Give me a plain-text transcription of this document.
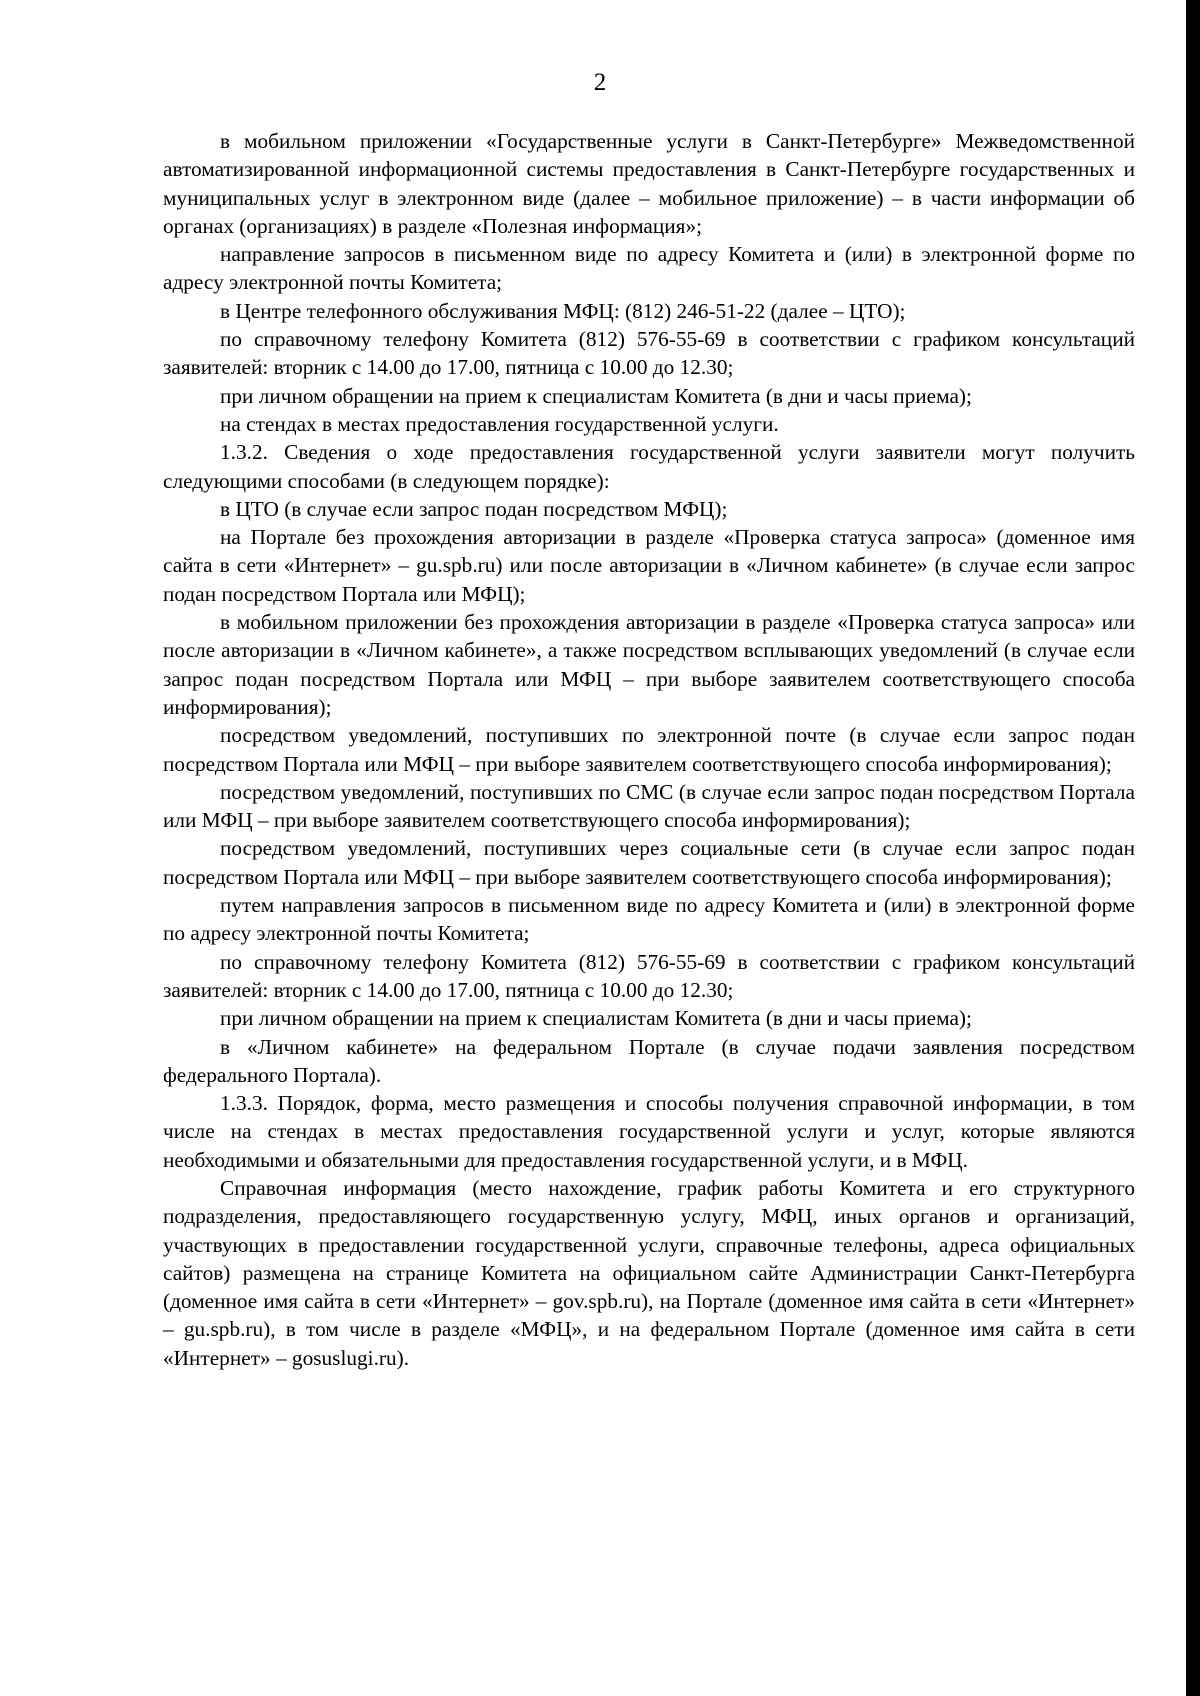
2

в мобильном приложении «Государственные услуги в Санкт-Петербурге» Межведомственной автоматизированной информационной системы предоставления в Санкт-Петербурге государственных и муниципальных услуг в электронном виде (далее – мобильное приложение) – в части информации об органах (организациях) в разделе «Полезная информация»;

направление запросов в письменном виде по адресу Комитета и (или) в электронной форме по адресу электронной почты Комитета;

в Центре телефонного обслуживания МФЦ: (812) 246-51-22 (далее – ЦТО);

по справочному телефону Комитета (812) 576-55-69 в соответствии с графиком консультаций заявителей: вторник с 14.00 до 17.00, пятница с 10.00 до 12.30;

при личном обращении на прием к специалистам Комитета (в дни и часы приема);

на стендах в местах предоставления государственной услуги.

1.3.2. Сведения о ходе предоставления государственной услуги заявители могут получить следующими способами (в следующем порядке):

в ЦТО (в случае если запрос подан посредством МФЦ);

на Портале без прохождения авторизации в разделе «Проверка статуса запроса» (доменное имя сайта в сети «Интернет» – gu.spb.ru) или после авторизации в «Личном кабинете» (в случае если запрос подан посредством Портала или МФЦ);

в мобильном приложении без прохождения авторизации в разделе «Проверка статуса запроса» или после авторизации в «Личном кабинете», а также посредством всплывающих уведомлений (в случае если запрос подан посредством Портала или МФЦ – при выборе заявителем соответствующего способа информирования);

посредством уведомлений, поступивших по электронной почте (в случае если запрос подан посредством Портала или МФЦ – при выборе заявителем соответствующего способа информирования);

посредством уведомлений, поступивших по СМС (в случае если запрос подан посредством Портала или МФЦ – при выборе заявителем соответствующего способа информирования);

посредством уведомлений, поступивших через социальные сети (в случае если запрос подан посредством Портала или МФЦ – при выборе заявителем соответствующего способа информирования);

путем направления запросов в письменном виде по адресу Комитета и (или) в электронной форме по адресу электронной почты Комитета;

по справочному телефону Комитета (812) 576-55-69 в соответствии с графиком консультаций заявителей: вторник с 14.00 до 17.00, пятница с 10.00 до 12.30;

при личном обращении на прием к специалистам Комитета (в дни и часы приема);

в «Личном кабинете» на федеральном Портале (в случае подачи заявления посредством федерального Портала).

1.3.3. Порядок, форма, место размещения и способы получения справочной информации, в том числе на стендах в местах предоставления государственной услуги и услуг, которые являются необходимыми и обязательными для предоставления государственной услуги, и в МФЦ.

Справочная информация (место нахождение, график работы Комитета и его структурного подразделения, предоставляющего государственную услугу, МФЦ, иных органов и организаций, участвующих в предоставлении государственной услуги, справочные телефоны, адреса официальных сайтов) размещена на странице Комитета на официальном сайте Администрации Санкт-Петербурга (доменное имя сайта в сети «Интернет» – gov.spb.ru), на Портале (доменное имя сайта в сети «Интернет» – gu.spb.ru), в том числе в разделе «МФЦ», и на федеральном Портале (доменное имя сайта в сети «Интернет» – gosuslugi.ru).
